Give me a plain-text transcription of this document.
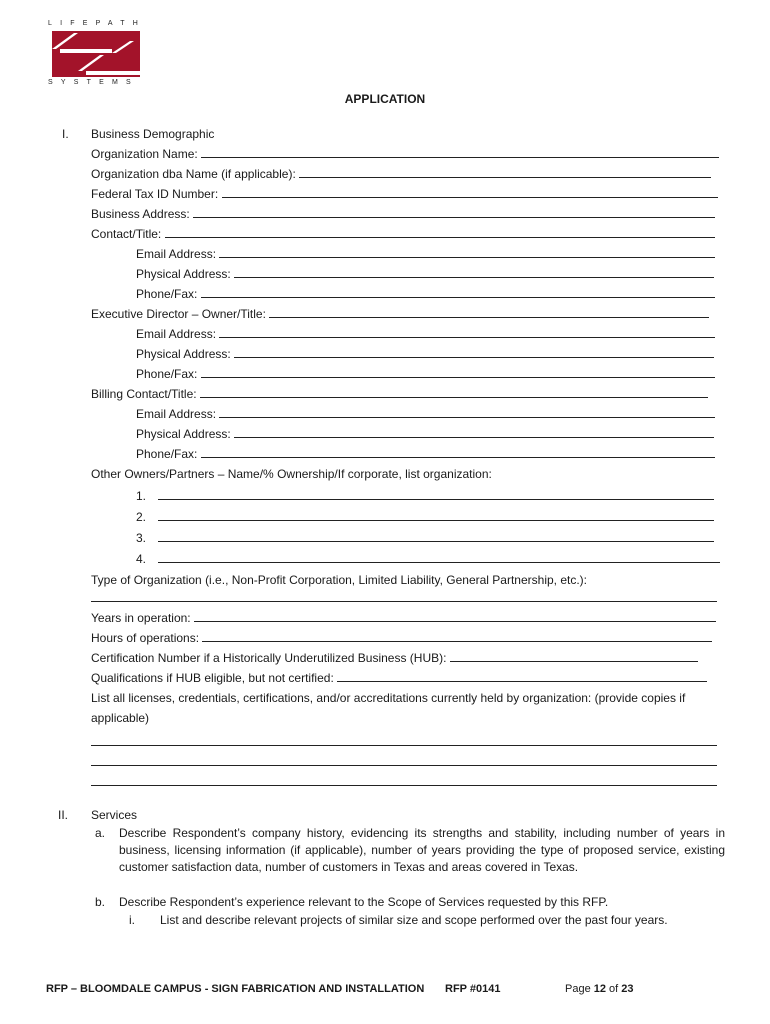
LIFEPATH
SYSTEMS
APPLICATION
I. Business Demographic
Organization Name:
Organization dba Name (if applicable):
Federal Tax ID Number:
Business Address:
Contact/Title:
Email Address:
Physical Address:
Phone/Fax:
Executive Director – Owner/Title:
Email Address:
Physical Address:
Phone/Fax:
Billing Contact/Title:
Email Address:
Physical Address:
Phone/Fax:
Other Owners/Partners – Name/% Ownership/If corporate, list organization:
1.
2.
3.
4.
Type of Organization (i.e., Non-Profit Corporation, Limited Liability, General Partnership, etc.):
Years in operation:
Hours of operations:
Certification Number if a Historically Underutilized Business (HUB):
Qualifications if HUB eligible, but not certified:
List all licenses, credentials, certifications, and/or accreditations currently held by organization: (provide copies if
applicable)
II. Services
a. Describe Respondent’s company history, evidencing its strengths and stability, including number of years in business, licensing information (if applicable), number of years providing the type of proposed service, existing customer satisfaction data, number of customers in Texas and areas covered in Texas.
b. Describe Respondent’s experience relevant to the Scope of Services requested by this RFP.
i. List and describe relevant projects of similar size and scope performed over the past four years.
RFP – BLOOMDALE CAMPUS - SIGN FABRICATION AND INSTALLATION RFP #0141	Page 12 of 23
